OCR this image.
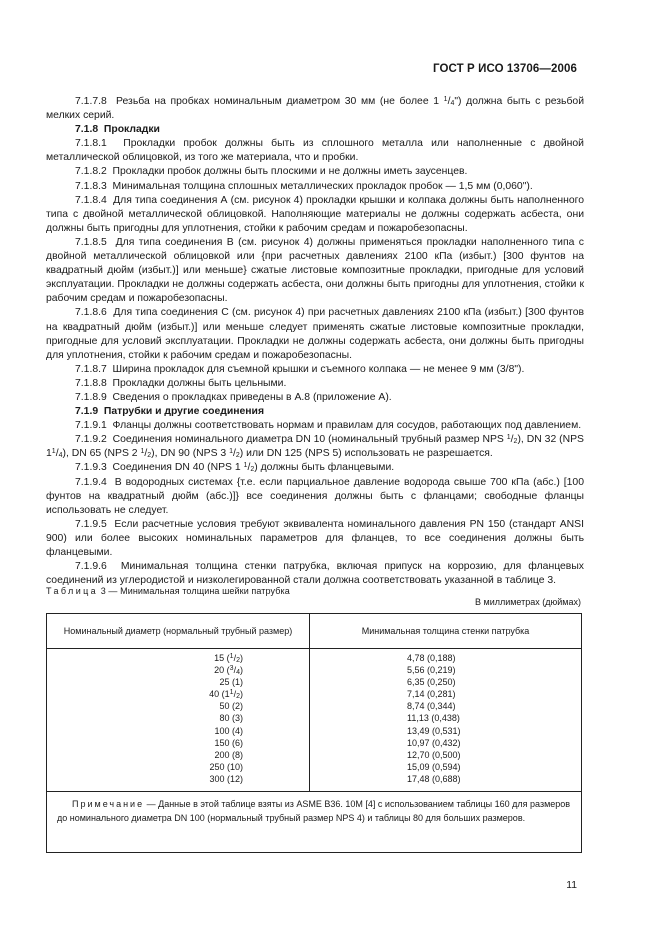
ГОСТ Р ИСО 13706—2006

7.1.7.8  Резьба на пробках номинальным диаметром 30 мм (не более 1 $^1/_4$") должна быть с резьбой мелких серий.

7.1.8  Прокладки

7.1.8.1  Прокладки пробок должны быть из сплошного металла или наполненные с двойной металлической облицовкой, из того же материала, что и пробки.

7.1.8.2  Прокладки пробок должны быть плоскими и не должны иметь заусенцев.

7.1.8.3  Минимальная толщина сплошных металлических прокладок пробок — 1,5 мм (0,060").

7.1.8.4  Для типа соединения А (см. рисунок 4) прокладки крышки и колпака должны быть наполненного типа с двойной металлической облицовкой. Наполняющие материалы не должны содержать асбеста, они должны быть пригодны для уплотнения, стойки к рабочим средам и пожаробезопасны.

7.1.8.5  Для типа соединения В (см. рисунок 4) должны применяться прокладки наполненного типа с двойной металлической облицовкой или {при расчетных давлениях 2100 кПа (избыт.) [300 фунтов на квадратный дюйм (избыт.)] или меньше} сжатые листовые композитные прокладки, пригодные для условий эксплуатации. Прокладки не должны содержать асбеста, они должны быть пригодны для уплотнения, стойки к рабочим средам и пожаробезопасны.

7.1.8.6  Для типа соединения С (см. рисунок 4) при расчетных давлениях 2100 кПа (избыт.) [300 фунтов на квадратный дюйм (избыт.)] или меньше следует применять сжатые листовые композитные прокладки, пригодные для условий эксплуатации. Прокладки не должны содержать асбеста, они должны быть пригодны для уплотнения, стойки к рабочим средам и пожаробезопасны.

7.1.8.7  Ширина прокладок для съемной крышки и съемного колпака — не менее 9 мм (3/8").

7.1.8.8  Прокладки должны быть цельными.

7.1.8.9  Сведения о прокладках приведены в А.8 (приложение А).

7.1.9  Патрубки и другие соединения

7.1.9.1  Фланцы должны соответствовать нормам и правилам для сосудов, работающих под давлением.

7.1.9.2  Соединения номинального диаметра DN 10 (номинальный трубный размер NPS $^1/_2$), DN 32 (NPS $1^1/_4$), DN 65 (NPS 2 $^1/_2$), DN 90 (NPS 3 $^1/_2$) или DN 125 (NPS 5) использовать не разрешается.

7.1.9.3  Соединения DN 40 (NPS 1 $^1/_2$) должны быть фланцевыми.

7.1.9.4  В водородных системах {т.е. если парциальное давление водорода свыше 700 кПа (абс.) [100 фунтов на квадратный дюйм (абс.)]} все соединения должны быть с фланцами; свободные фланцы использовать не следует.

7.1.9.5  Если расчетные условия требуют эквивалента номинального давления PN 150 (стандарт ANSI 900) или более высоких номинальных параметров для фланцев, то все соединения должны быть фланцевыми.

7.1.9.6  Минимальная толщина стенки патрубка, включая припуск на коррозию, для фланцевых соединений из углеродистой и низколегированной стали должна соответствовать указанной в таблице 3.

Таблица 3 — Минимальная толщина шейки патрубка
В миллиметрах (дюймах)
Номинальный диаметр (нормальный трубный размер)	Минимальная толщина стенки патрубка
15 $(^1/_2)$
20 $(^3/_4)$
25 (1)
40 $(1^1/_2)$
50 (2)
80 (3)
100 (4)
150 (6)
200 (8)
250 (10)
300 (12)
4,78 (0,188)
5,56 (0,219)
6,35 (0,250)
7,14 (0,281)
8,74 (0,344)
11,13 (0,438)
13,49 (0,531)
10,97 (0,432)
12,70 (0,500)
15,09 (0,594)
17,48 (0,688)
Примечание — Данные в этой таблице взяты из ASME B36. 10M [4] с использованием таблицы 160 для размеров до номинального диаметра DN 100 (нормальный трубный размер NPS 4) и таблицы 80 для больших размеров.
11
